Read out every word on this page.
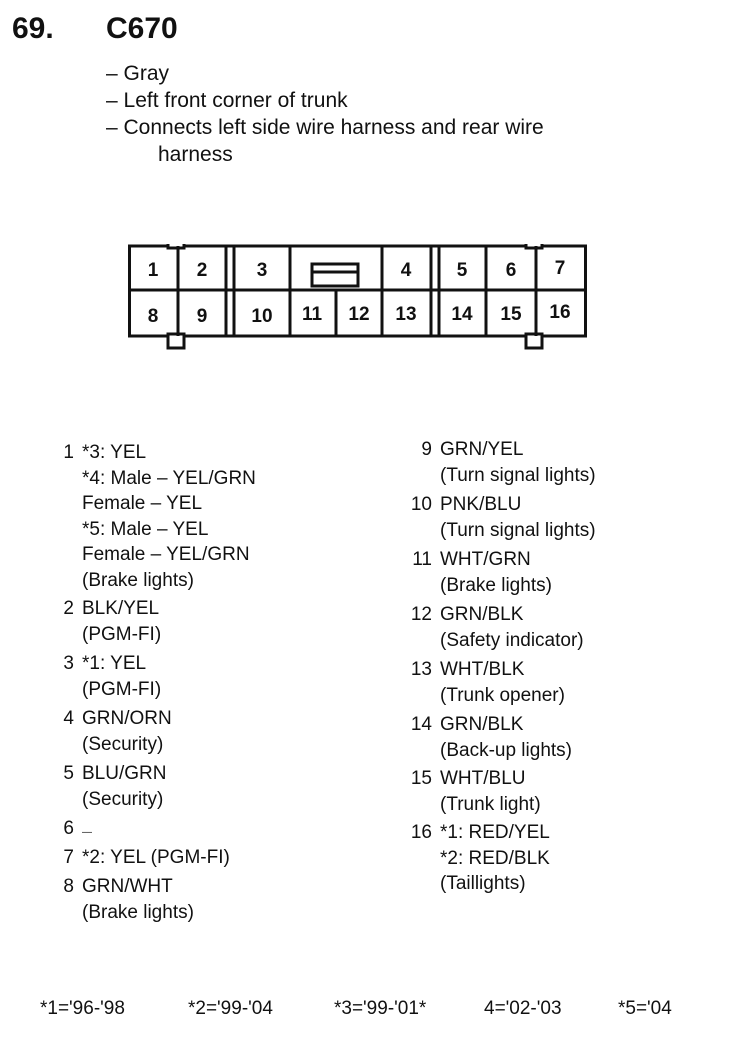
69. C670
– Gray
– Left front corner of trunk
– Connects left side wire harness and rear wire
harness
1 2	3	4 5 6 7
8 9 10 11 12 13 14 15 16
1 *3: YEL
*4: Male – YEL/GRN
Female – YEL
*5: Male – YEL
Female – YEL/GRN
(Brake lights)
2 BLK/YEL
(PGM-FI)
3 *1: YEL
(PGM-FI)
4 GRN/ORN
(Security)
5 BLU/GRN
(Security)
6 —
7 *2: YEL (PGM-FI)
8 GRN/WHT
(Brake lights)
9 GRN/YEL
(Turn signal lights)
10 PNK/BLU
(Turn signal lights)
11 WHT/GRN
(Brake lights)
12 GRN/BLK
(Safety indicator)
13 WHT/BLK
(Trunk opener)
14 GRN/BLK
(Back-up lights)
15 WHT/BLU
(Trunk light)
16 *1: RED/YEL
*2: RED/BLK
(Taillights)
*1='96-'98	*2='99-'04	*3='99-'01*	4='02-'03	*5='04
